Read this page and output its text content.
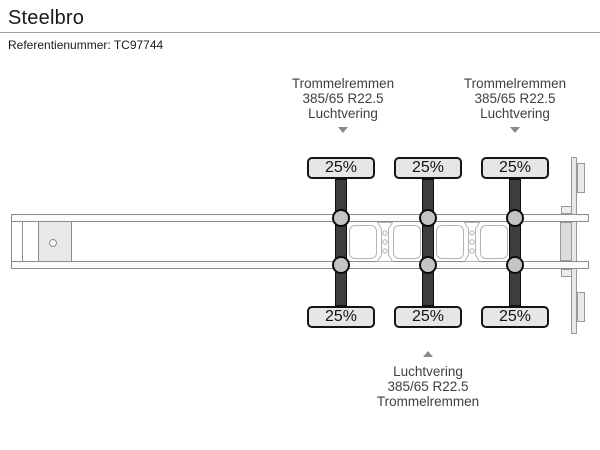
Steelbro
Referentienummer: TC97744
Trommelremmen
385/65 R22.5
Luchtvering
Trommelremmen
385/65 R22.5
Luchtvering
25%
25%
25%
25%
25%
25%
Luchtvering
385/65 R22.5
Trommelremmen
